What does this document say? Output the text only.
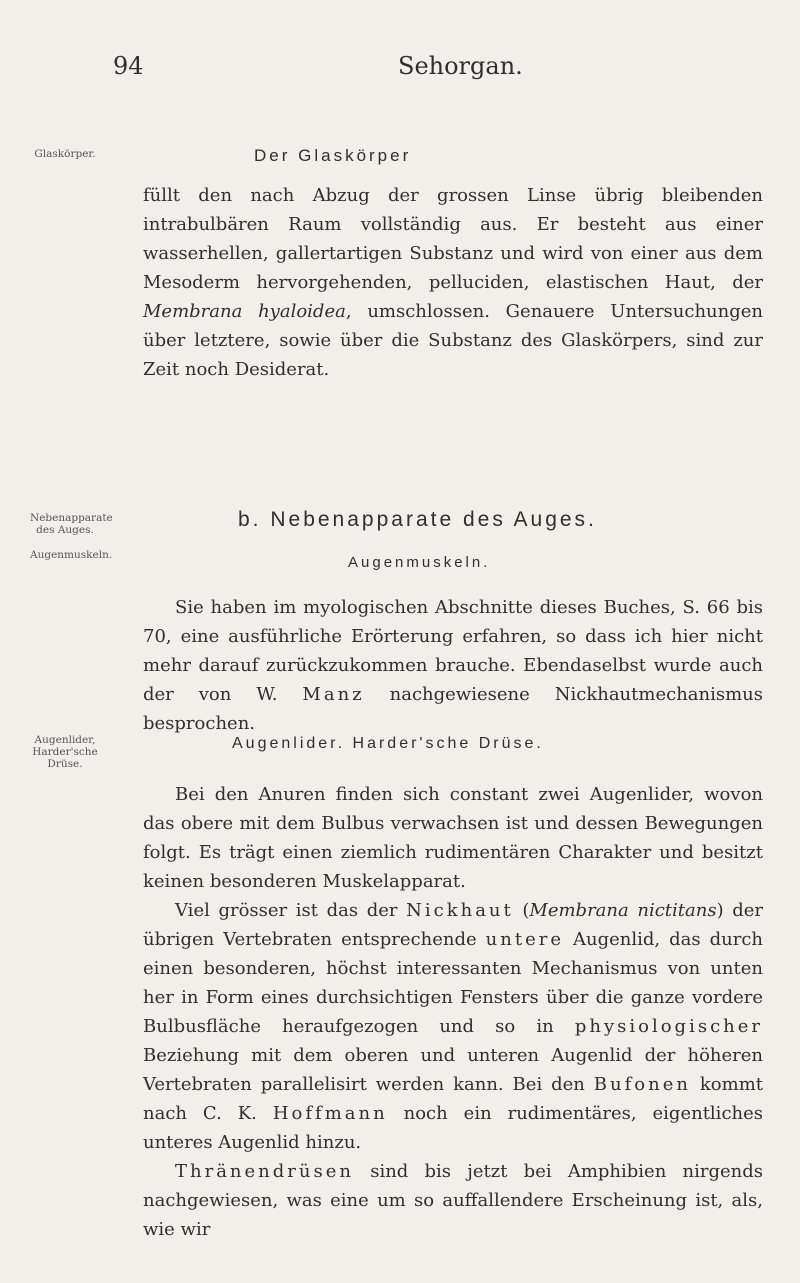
94	Sehorgan.
Glaskörper.
Nebenapparate des Auges.
Augenmuskeln.
Augenlider, Harder'sche Drüse.
Der Glaskörper

füllt den nach Abzug der grossen Linse übrig bleibenden intrabulbären Raum vollständig aus. Er besteht aus einer wasserhellen, gallertartigen Substanz und wird von einer aus dem Mesoderm hervorgehenden, pelluciden, elastischen Haut, der Membrana hyaloidea, umschlossen. Genauere Untersuchungen über letztere, sowie über die Substanz des Glaskörpers, sind zur Zeit noch Desiderat.

b. Nebenapparate des Auges.
Augenmuskeln.

Sie haben im myologischen Abschnitte dieses Buches, S. 66 bis 70, eine ausführliche Erörterung erfahren, so dass ich hier nicht mehr darauf zurückzukommen brauche. Ebendaselbst wurde auch der von W. Manz nachgewiesene Nickhautmechanismus besprochen.

Augenlider. Harder'sche Drüse.

Bei den Anuren finden sich constant zwei Augenlider, wovon das obere mit dem Bulbus verwachsen ist und dessen Bewegungen folgt. Es trägt einen ziemlich rudimentären Charakter und besitzt keinen besonderen Muskelapparat.

Viel grösser ist das der Nickhaut (Membrana nictitans) der übrigen Vertebraten entsprechende untere Augenlid, das durch einen besonderen, höchst interessanten Mechanismus von unten her in Form eines durchsichtigen Fensters über die ganze vordere Bulbusfläche heraufgezogen und so in physiologischer Beziehung mit dem oberen und unteren Augenlid der höheren Vertebraten parallelisirt werden kann. Bei den Bufonen kommt nach C. K. Hoffmann noch ein rudimentäres, eigentliches unteres Augenlid hinzu.

Thränendrüsen sind bis jetzt bei Amphibien nirgends nachgewiesen, was eine um so auffallendere Erscheinung ist, als, wie wir
